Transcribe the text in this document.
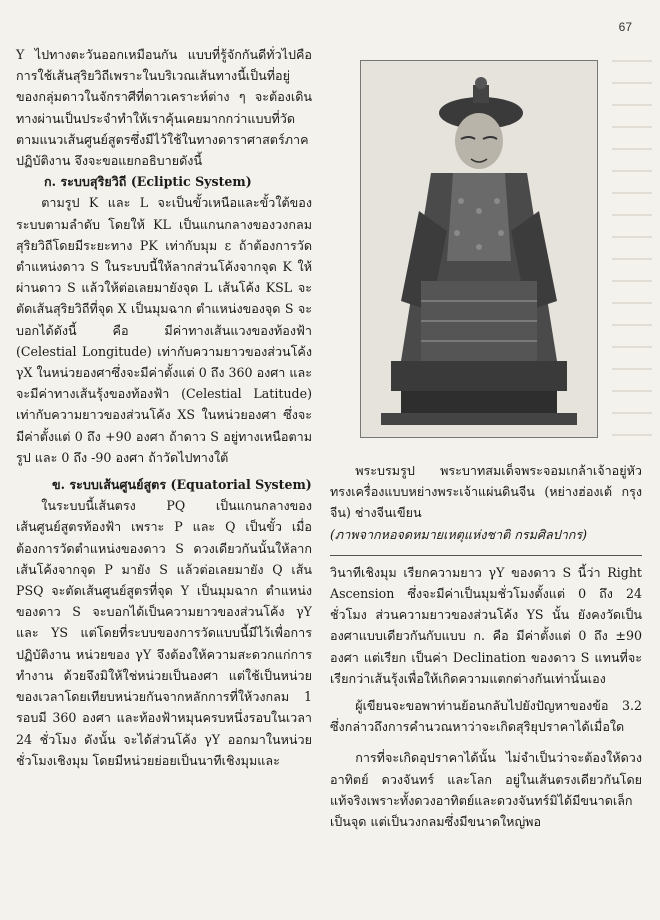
67

Y ไปทางตะวันออกเหมือนกัน แบบที่รู้จักกันดีทั่วไปคือการใช้เส้นสุริยวิถีเพราะในบริเวณเส้นทางนี้เป็นที่อยู่ของกลุ่มดาวในจักราศีที่ดาวเคราะห์ต่าง ๆ จะต้องเดินทางผ่านเป็นประจำทำให้เราคุ้นเคยมากกว่าแบบที่วัดตามแนวเส้นศูนย์สูตรซึ่งมีไว้ใช้ในทางดาราศาสตร์ภาคปฏิบัติงาน จึงจะขอแยกอธิบายดังนี้

ก. ระบบสุริยวิถี (Ecliptic System)

ตามรูป K และ L จะเป็นขั้วเหนือและขั้วใต้ของระบบตามลำดับ โดยให้ KL เป็นแกนกลางของวงกลมสุริยวิถีโดยมีระยะทาง PK เท่ากับมุม ε ถ้าต้องการวัดตำแหน่งดาว S ในระบบนี้ให้ลากส่วนโค้งจากจุด K ให้ผ่านดาว S แล้วให้ต่อเลยมายังจุด L เส้นโค้ง KSL จะตัดเส้นสุริยวิถีที่จุด X เป็นมุมฉาก ตำแหน่งของจุด S จะบอกได้ดังนี้ คือ มีค่าทางเส้นแวงของท้องฟ้า (Celestial Longitude) เท่ากับความยาวของส่วนโค้ง γX ในหน่วยองศาซึ่งจะมีค่าตั้งแต่ 0 ถึง 360 องศา และจะมีค่าทางเส้นรุ้งของท้องฟ้า (Celestial Latitude) เท่ากับความยาวของส่วนโค้ง XS ในหน่วยองศา ซึ่งจะมีค่าตั้งแต่ 0 ถึง +90 องศา ถ้าดาว S อยู่ทางเหนือตามรูป และ 0 ถึง -90 องศา ถ้าวัดไปทางใต้

ข. ระบบเส้นศูนย์สูตร (Equatorial System)

ในระบบนี้เส้นตรง PQ เป็นแกนกลางของเส้นศูนย์สูตรท้องฟ้า เพราะ P และ Q เป็นขั้ว เมื่อต้องการวัดตำแหน่งของดาว S ดวงเดียวกันนั้นให้ลากเส้นโค้งจากจุด P มายัง S แล้วต่อเลยมายัง Q เส้น PSQ จะตัดเส้นศูนย์สูตรที่จุด Y เป็นมุมฉาก ตำแหน่งของดาว S จะบอกได้เป็นความยาวของส่วนโค้ง γY และ YS แต่โดยที่ระบบของการวัดแบบนี้มีไว้เพื่อการปฏิบัติงาน หน่วยของ γY จึงต้องให้ความสะดวกแก่การทำงาน ด้วยจึงมิให้ใช่หน่วยเป็นองศา แต่ใช้เป็นหน่วยของเวลาโดยเทียบหน่วยกันจากหลักการที่ให้วงกลม 1 รอบมี 360 องศา และท้องฟ้าหมุนครบหนึ่งรอบในเวลา 24 ชั่วโมง ดังนั้น จะได้ส่วนโค้ง γY ออกมาในหน่วยชั่วโมงเชิงมุม โดยมีหน่วยย่อยเป็นนาทีเชิงมุมและ

พระบรมรูป พระบาทสมเด็จพระจอมเกล้าเจ้าอยู่หัว ทรงเครื่องแบบหย่างพระเจ้าแผ่นดินจีน (หย่างฮ่องเต้ กรุงจีน) ช่างจีนเขียน

(ภาพจากหอจดหมายเหตุแห่งชาติ กรมศิลปากร)

วินาทีเชิงมุม เรียกความยาว γY ของดาว S นี้ว่า Right Ascension ซึ่งจะมีค่าเป็นมุมชั่วโมงตั้งแต่ 0 ถึง 24 ชั่วโมง ส่วนความยาวของส่วนโค้ง YS นั้น ยังคงวัดเป็นองศาแบบเดียวกันกับแบบ ก. คือ มีค่าตั้งแต่ 0 ถึง ±90 องศา แต่เรียก เป็นค่า Declination ของดาว S แทนที่จะเรียกว่าเส้นรุ้งเพื่อให้เกิดความแตกต่างกันเท่านั้นเอง

ผู้เขียนจะขอพาท่านย้อนกลับไปยังปัญหาของข้อ 3.2 ซึ่งกล่าวถึงการคำนวณหาว่าจะเกิดสุริยุปราคาได้เมื่อใด

การที่จะเกิดอุปราคาได้นั้น ไม่จำเป็นว่าจะต้องให้ดวงอาทิตย์ ดวงจันทร์ และโลก อยู่ในเส้นตรงเดียวกันโดยแท้จริงเพราะทั้งดวงอาทิตย์และดวงจันทร์มิได้มีขนาดเล็กเป็นจุด แต่เป็นวงกลมซึ่งมีขนาดใหญ่พอ
